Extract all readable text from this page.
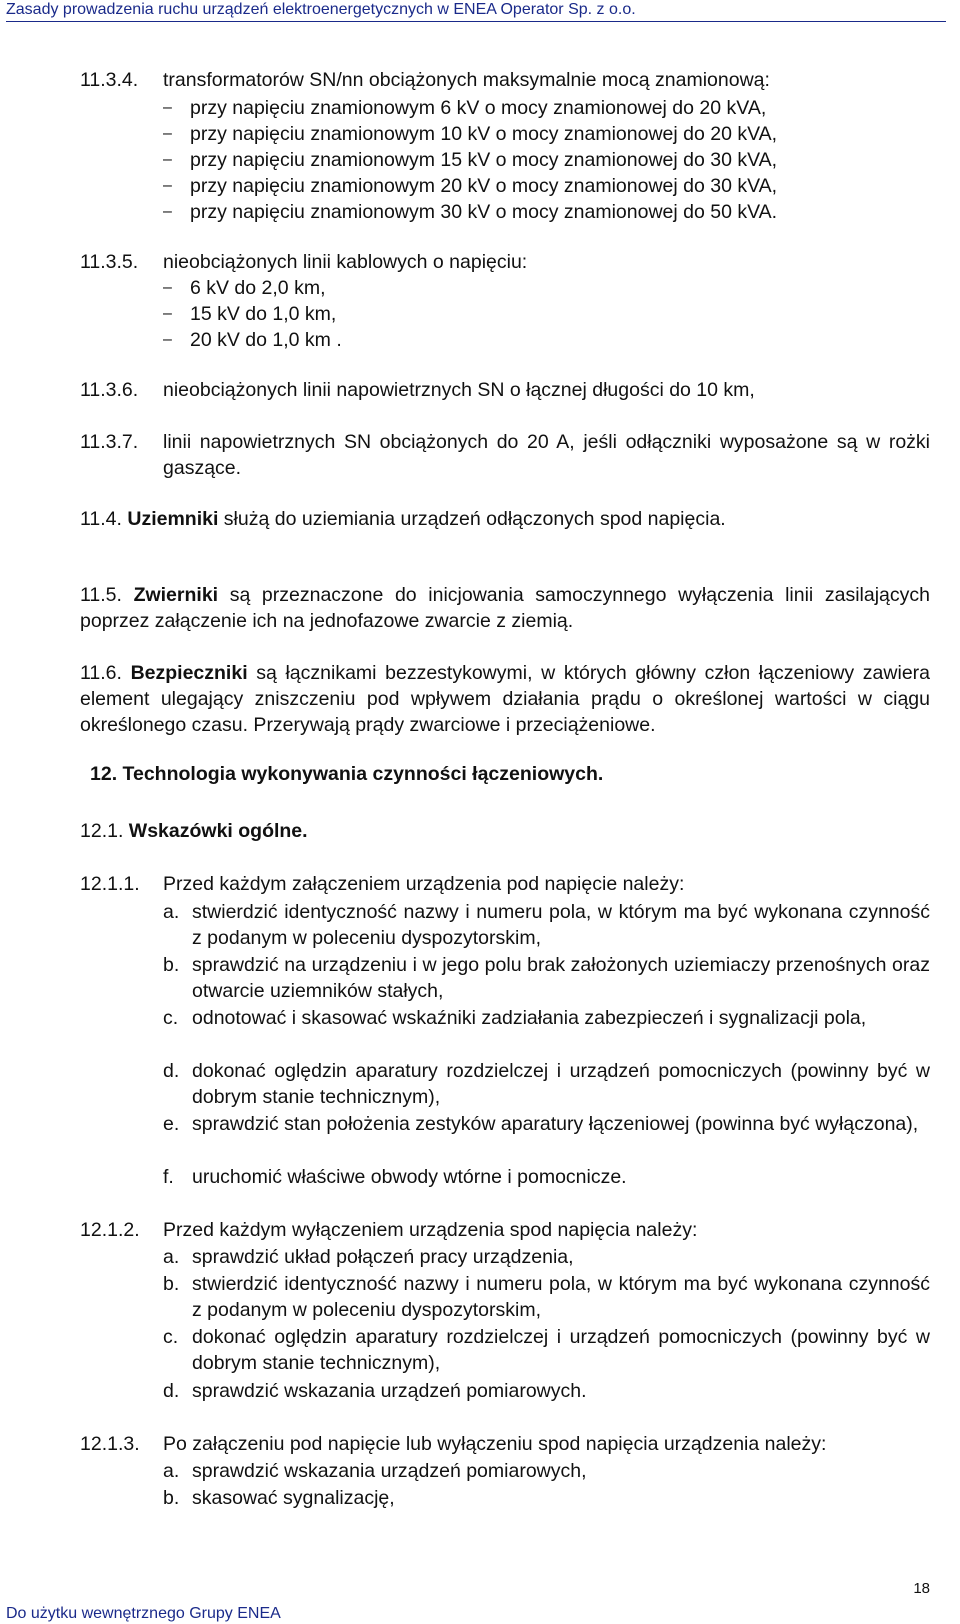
Zasady prowadzenia ruchu urządzeń elektroenergetycznych w ENEA Operator Sp. z o.o.
11.3.4. transformatorów SN/nn obciążonych maksymalnie mocą znamionową:
– przy napięciu znamionowym 6 kV o mocy znamionowej do 20 kVA,
– przy napięciu znamionowym 10 kV o mocy znamionowej do 20 kVA,
– przy napięciu znamionowym 15 kV o mocy znamionowej do 30 kVA,
– przy napięciu znamionowym 20 kV o mocy znamionowej do 30 kVA,
– przy napięciu znamionowym 30 kV o mocy znamionowej do 50 kVA.
11.3.5. nieobciążonych linii kablowych o napięciu:
– 6 kV do 2,0 km,
– 15 kV do 1,0 km,
– 20 kV do 1,0 km .
11.3.6. nieobciążonych linii napowietrznych SN o łącznej długości do 10 km,
11.3.7. linii napowietrznych SN obciążonych do 20 A, jeśli odłączniki wyposażone są w rożki gaszące.
11.4. Uziemniki służą do uziemiania urządzeń odłączonych spod napięcia.
11.5. Zwierniki są przeznaczone do inicjowania samoczynnego wyłączenia linii zasilających poprzez załączenie ich na jednofazowe zwarcie z ziemią.
11.6. Bezpieczniki są łącznikami bezzestykowymi, w których główny człon łączeniowy zawiera element ulegający zniszczeniu pod wpływem działania prądu o określonej wartości w ciągu określonego czasu. Przerywają prądy zwarciowe i przeciążeniowe.
12. Technologia wykonywania czynności łączeniowych.
12.1. Wskazówki ogólne.
12.1.1. Przed każdym załączeniem urządzenia pod napięcie należy:
a. stwierdzić identyczność nazwy i numeru pola, w którym ma być wykonana czynność z podanym w poleceniu dyspozytorskim,
b. sprawdzić na urządzeniu i w jego polu brak założonych uziemiaczy przenośnych oraz otwarcie uziemników stałych,
c. odnotować i skasować wskaźniki zadziałania zabezpieczeń i sygnalizacji pola,
d. dokonać oględzin aparatury rozdzielczej i urządzeń pomocniczych (powinny być w dobrym stanie technicznym),
e. sprawdzić stan położenia zestyków aparatury łączeniowej (powinna być wyłączona),
f. uruchomić właściwe obwody wtórne i pomocnicze.
12.1.2. Przed każdym wyłączeniem urządzenia spod napięcia należy:
a. sprawdzić układ połączeń pracy urządzenia,
b. stwierdzić identyczność nazwy i numeru pola, w którym ma być wykonana czynność z podanym w poleceniu dyspozytorskim,
c. dokonać oględzin aparatury rozdzielczej i urządzeń pomocniczych (powinny być w dobrym stanie technicznym),
d. sprawdzić wskazania urządzeń pomiarowych.
12.1.3. Po załączeniu pod napięcie lub wyłączeniu spod napięcia urządzenia należy:
a. sprawdzić wskazania urządzeń pomiarowych,
b. skasować sygnalizację,
18
Do użytku wewnętrznego Grupy ENEA
